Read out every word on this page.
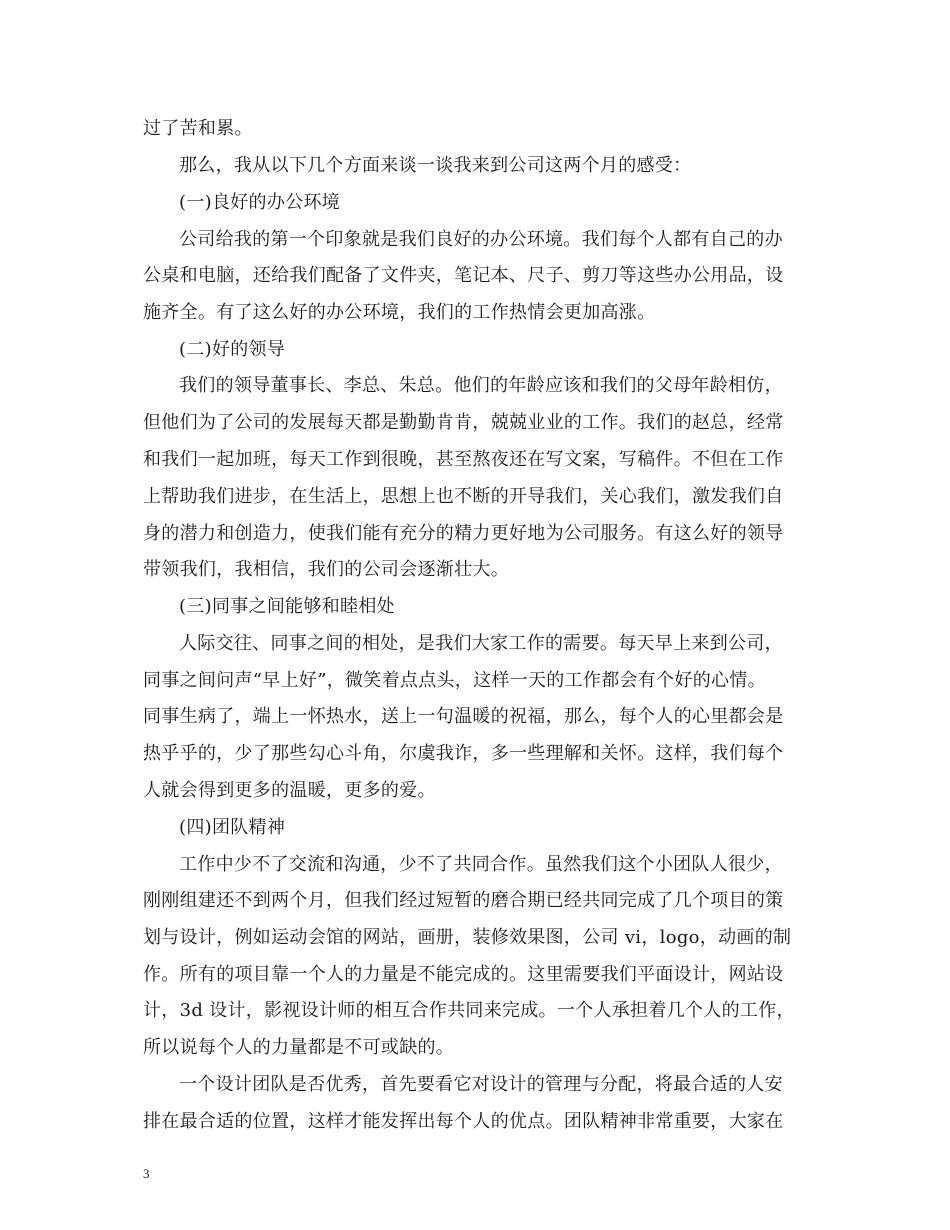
过了苦和累。
那么，我从以下几个方面来谈一谈我来到公司这两个月的感受：
(一)良好的办公环境
公司给我的第一个印象就是我们良好的办公环境。我们每个人都有自己的办
公桌和电脑，还给我们配备了文件夹，笔记本、尺子、剪刀等这些办公用品，设
施齐全。有了这么好的办公环境，我们的工作热情会更加高涨。
(二)好的领导
我们的领导董事长、李总、朱总。他们的年龄应该和我们的父母年龄相仿，
但他们为了公司的发展每天都是勤勤肯肯，兢兢业业的工作。我们的赵总，经常
和我们一起加班，每天工作到很晚，甚至熬夜还在写文案，写稿件。不但在工作
上帮助我们进步，在生活上，思想上也不断的开导我们，关心我们，激发我们自
身的潜力和创造力，使我们能有充分的精力更好地为公司服务。有这么好的领导
带领我们，我相信，我们的公司会逐渐壮大。
(三)同事之间能够和睦相处
人际交往、同事之间的相处，是我们大家工作的需要。每天早上来到公司，
同事之间问声“早上好”，微笑着点点头，这样一天的工作都会有个好的心情。
同事生病了，端上一怀热水，送上一句温暖的祝福，那么，每个人的心里都会是
热乎乎的，少了那些勾心斗角，尔虞我诈，多一些理解和关怀。这样，我们每个
人就会得到更多的温暖，更多的爱。
(四)团队精神
工作中少不了交流和沟通，少不了共同合作。虽然我们这个小团队人很少，
刚刚组建还不到两个月，但我们经过短暂的磨合期已经共同完成了几个项目的策
划与设计，例如运动会馆的网站，画册，装修效果图，公司 vi，logo，动画的制
作。所有的项目靠一个人的力量是不能完成的。这里需要我们平面设计，网站设
计，3d 设计，影视设计师的相互合作共同来完成。一个人承担着几个人的工作，
所以说每个人的力量都是不可或缺的。
一个设计团队是否优秀，首先要看它对设计的管理与分配，将最合适的人安
排在最合适的位置，这样才能发挥出每个人的优点。团队精神非常重要，大家在
3
